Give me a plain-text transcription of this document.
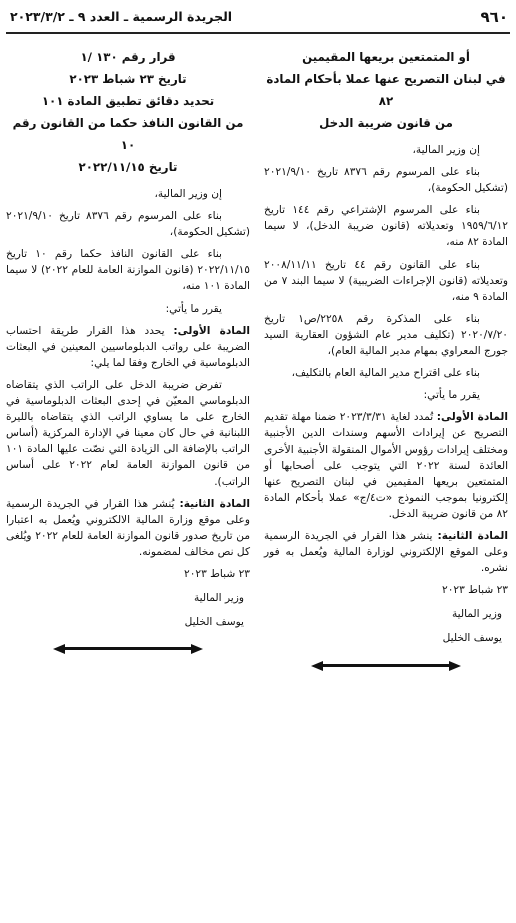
٩٦٠
الجريدة الرسمية ـ العدد ٩ ـ ٢٠٢٣/٣/٢

أو المتمتعين بريعها المقيمين

في لبنان التصريح عنها عملا بأحكام المادة ٨٢

من قانون ضريبة الدخل

إن وزير المالية،

بناء على المرسوم رقم ٨٣٧٦ تاريخ ٢٠٢١/٩/١٠ (تشكيل الحكومة)،

بناء على المرسوم الإشتراعي رقم ١٤٤ تاريخ ١٩٥٩/٦/١٢ وتعديلاته (قانون ضريبة الدخل)، لا سيما المادة ٨٢ منه،

بناء على القانون رقم ٤٤ تاريخ ٢٠٠٨/١١/١١ وتعديلاته (قانون الإجراءات الضريبية) لا سيما البند ٧ من المادة ٩ منه،

بناء على المذكرة رقم ٢٢٥٨/ص١ تاريخ ٢٠٢٠/٧/٢٠ (تكليف مدير عام الشؤون العقارية السيد جورج المعراوي بمهام مدير المالية العام)،

بناء على اقتراح مدير المالية العام بالتكليف،

يقرر ما يأتي:

المادة الأولى: تُمدد لغاية ٢٠٢٣/٣/٣١ ضمنا مهلة تقديم التصريح عن إيرادات الأسهم وسندات الدين الأجنبية ومختلف إيرادات رؤوس الأموال المنقولة الأجنبية الأخرى العائدة لسنة ٢٠٢٢ التي يتوجب على أصحابها أو المتمتعين بريعها المقيمين في لبنان التصريح عنها إلكترونيا بموجب النموذج «ت٤/ج» عملا بأحكام المادة ٨٢ من قانون ضريبة الدخل.

المادة الثانية: ينشر هذا القرار في الجريدة الرسمية وعلى الموقع الإلكتروني لوزارة المالية ويُعمل به فور نشره.

٢٣ شباط ٢٠٢٣
وزير المالية
يوسف الخليل

قرار رقم ١٣٠ /١

تاريخ ٢٣ شباط ٢٠٢٣

تحديد دقائق تطبيق المادة ١٠١

من القانون النافذ حكما من القانون رقم ١٠

تاريخ ٢٠٢٢/١١/١٥

إن وزير المالية،

بناء على المرسوم رقم ٨٣٧٦ تاريخ ٢٠٢١/٩/١٠ (تشكيل الحكومة)،

بناء على القانون النافذ حكما رقم ١٠ تاريخ ٢٠٢٢/١١/١٥ (قانون الموازنة العامة للعام ٢٠٢٢) لا سيما المادة ١٠١ منه،

يقرر ما يأتي:

المادة الأولى: يحدد هذا القرار طريقة احتساب الضريبة على رواتب الدبلوماسيين المعينين في البعثات الدبلوماسية في الخارج وفقا لما يلي:

تفرض ضريبة الدخل على الراتب الذي يتقاضاه الدبلوماسي المعيّن في إحدى البعثات الدبلوماسية في الخارج على ما يساوي الراتب الذي يتقاضاه بالليرة اللبنانية في حال كان معينا في الإدارة المركزية (أساس الراتب بالإضافة الى الزيادة التي نصّت عليها المادة ١٠١ من قانون الموازنة العامة لعام ٢٠٢٢ على أساس الراتب).

المادة الثانية: يُنشر هذا القرار في الجريدة الرسمية وعلى موقع وزارة المالية الالكتروني ويُعمل به اعتبارا من تاريخ صدور قانون الموازنة العامة للعام ٢٠٢٢ ويُلغى كل نص مخالف لمضمونه.

٢٣ شباط ٢٠٢٣
وزير المالية
يوسف الخليل
